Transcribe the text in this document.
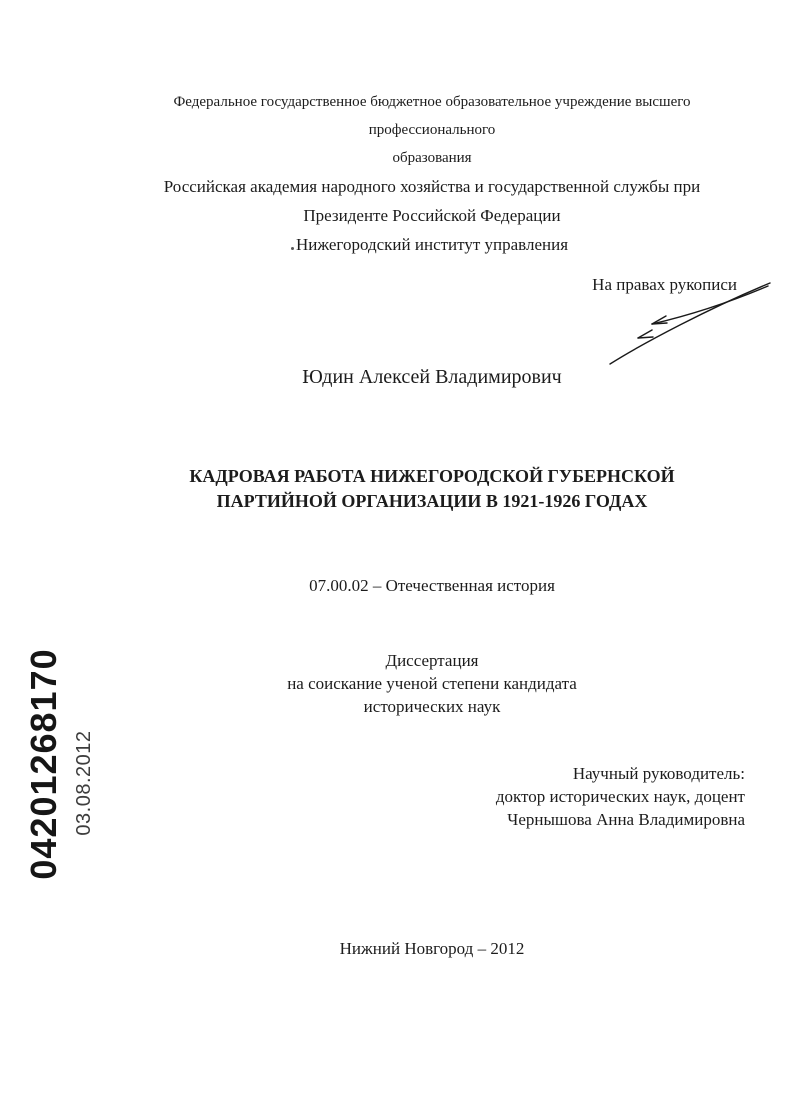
Федеральное государственное бюджетное образовательное учреждение высшего профессионального
образования
Российская академия народного хозяйства и государственной службы при
Президенте Российской Федерации
Нижегородский институт управления
На правах рукописи
Юдин Алексей Владимирович
КАДРОВАЯ РАБОТА НИЖЕГОРОДСКОЙ ГУБЕРНСКОЙ
ПАРТИЙНОЙ ОРГАНИЗАЦИИ В 1921-1926 ГОДАХ
07.00.02 – Отечественная история
Диссертация
на соискание ученой степени кандидата
исторических наук
Научный руководитель:
доктор исторических наук, доцент
Чернышова Анна Владимировна
Нижний Новгород – 2012
04201268170 03.08.2012
